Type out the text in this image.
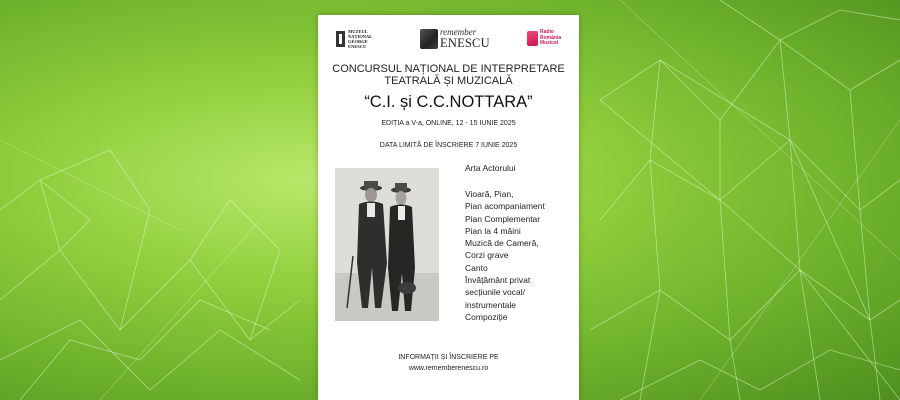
MUZEUL
NAȚIONAL
GEORGE
ENESCU
remember
ENESCU
Radio
România
Muzical
CONCURSUL NAȚIONAL DE INTERPRETARE
TEATRALĂ ȘI MUZICALĂ
“C.I. și C.C.NOTTARA”
EDIȚIA a V-a, ONLINE, 12 - 15 IUNIE 2025
DATA LIMITĂ DE ÎNSCRIERE 7 IUNIE 2025
Arta Actorului
Vioară, Pian,
Pian acompaniament
Pian Complementar
Pian la 4 mâini
Muzică de Cameră,
Corzi grave
Canto
Învățământ privat
secțiunile vocal/
instrumentale
Compoziție
INFORMAȚII ȘI ÎNSCRIERE PE
www.rememberenescu.ro
